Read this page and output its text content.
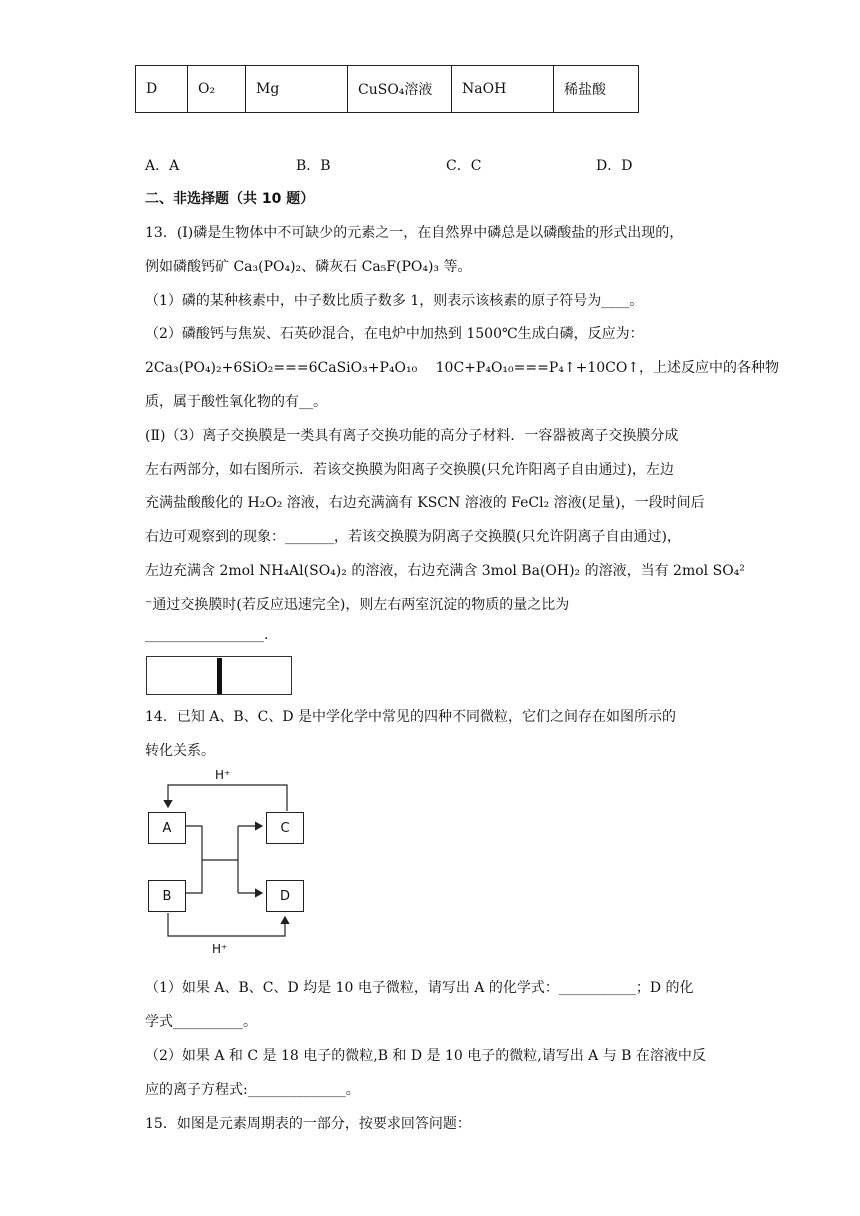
D	O₂	Mg	CuSO₄溶液	NaOH	稀盐酸
A．A	B．B	C．C	D．D
二、非选择题（共 10 题）
13．(Ⅰ)磷是生物体中不可缺少的元素之一，在自然界中磷总是以磷酸盐的形式出现的，
例如磷酸钙矿 Ca₃(PO₄)₂、磷灰石 Ca₅F(PO₄)₃ 等。
（1）磷的某种核素中，中子数比质子数多 1，则表示该核素的原子符号为____。
（2）磷酸钙与焦炭、石英砂混合，在电炉中加热到 1500℃生成白磷，反应为：
2Ca₃(PO₄)₂+6SiO₂===6CaSiO₃+P₄O₁₀　 10C+P₄O₁₀===P₄↑+10CO↑，上述反应中的各种物
质，属于酸性氧化物的有__。
(Ⅱ)（3）离子交换膜是一类具有离子交换功能的高分子材料．一容器被离子交换膜分成
左右两部分，如右图所示．若该交换膜为阳离子交换膜(只允许阳离子自由通过)，左边
充满盐酸酸化的 H₂O₂ 溶液，右边充满滴有 KSCN 溶液的 FeCl₂ 溶液(足量)，一段时间后
右边可观察到的现象：_______，若该交换膜为阴离子交换膜(只允许阴离子自由通过)，
左边充满含 2mol NH₄Al(SO₄)₂ 的溶液，右边充满含 3mol Ba(OH)₂ 的溶液，当有 2mol SO₄²
⁻通过交换膜时(若反应迅速完全)，则左右两室沉淀的物质的量之比为
_________________.
14．已知 A、B、C、D 是中学化学中常见的四种不同微粒，它们之间存在如图所示的
转化关系。
H⁺
H⁺
A
B
C
D
（1）如果 A、B、C、D 均是 10 电子微粒，请写出 A 的化学式：___________；D 的化
学式__________。
（2）如果 A 和 C 是 18 电子的微粒,B 和 D 是 10 电子的微粒,请写出 A 与 B 在溶液中反
应的离子方程式:______________。
15．如图是元素周期表的一部分，按要求回答问题：
